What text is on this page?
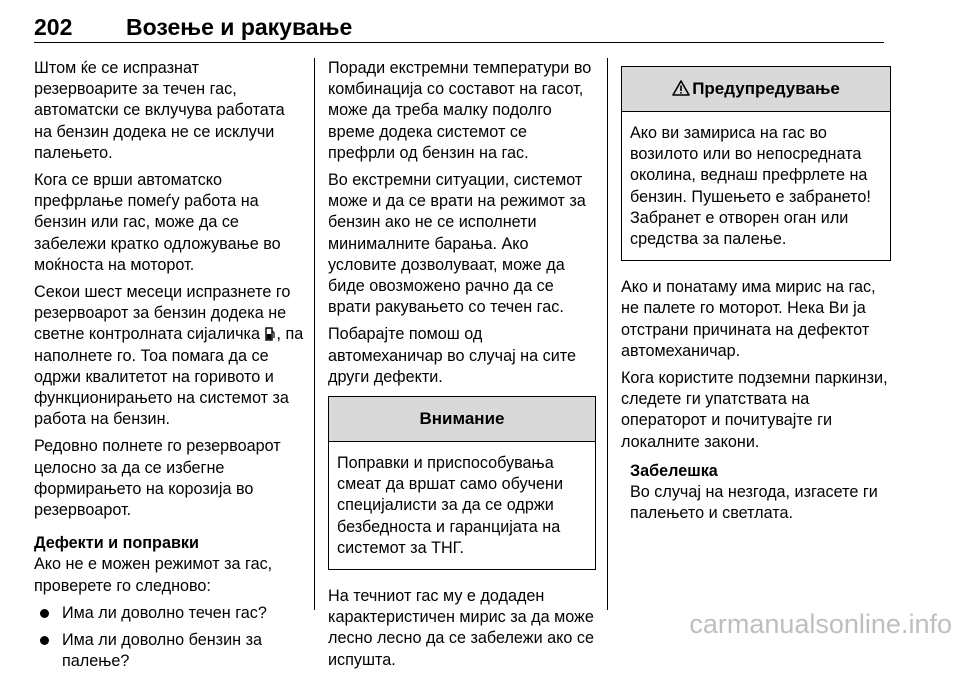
202 Возење и ракување

Штом ќе се испразнат резервоарите за течен гас, автоматски се вклучува работата на бензин додека не се исклучи палењето.

Кога се врши автоматско префрлање помеѓу работа на бензин или гас, може да се забележи кратко одложување во моќноста на моторот.

Секои шест месеци испразнете го резервоарот за бензин додека не светне контролната сијаличка , па наполнете го. Тоа помага да се одржи квалитетот на горивото и функционирањето на системот за работа на бензин.

Редовно полнете го резервоарот целосно за да се избегне формирањето на корозија во резервоарот.

Дефекти и поправки

Ако не е можен режимот за гас, проверете го следново:

Има ли доволно течен гас?
Има ли доволно бензин за палење?

Поради екстремни температури во комбинација со составот на гасот, може да треба малку подолго време додека системот се префрли од бензин на гас.

Во екстремни ситуации, системот може и да се врати на режимот за бензин ако не се исполнети минималните барања. Ако условите дозволуваат, може да биде овозможено рачно да се врати ракувањето со течен гас.

Побарајте помош од автомеханичар во случај на сите други дефекти.

Внимание
Поправки и приспособувања смеат да вршат само обучени специјалисти за да се одржи безбедноста и гаранцијата на системот за ТНГ.

На течниот гас му е додаден карактеристичен мирис за да може лесно лесно да се забележи ако се испушта.

Предупредување
Ако ви замириса на гас во возилото или во непосредната околина, веднаш префрлете на бензин. Пушењето е забрането! Забранет е отворен оган или средства за палење.

Ако и понатаму има мирис на гас, не палете го моторот. Нека Ви ја отстрани причината на дефектот автомеханичар.

Кога користите подземни паркинзи, следете ги упатствата на операторот и почитувајте ги локалните закони.

Забелешка
Во случај на незгода, изгасете ги палењето и светлата.
carmanualsonline.info
